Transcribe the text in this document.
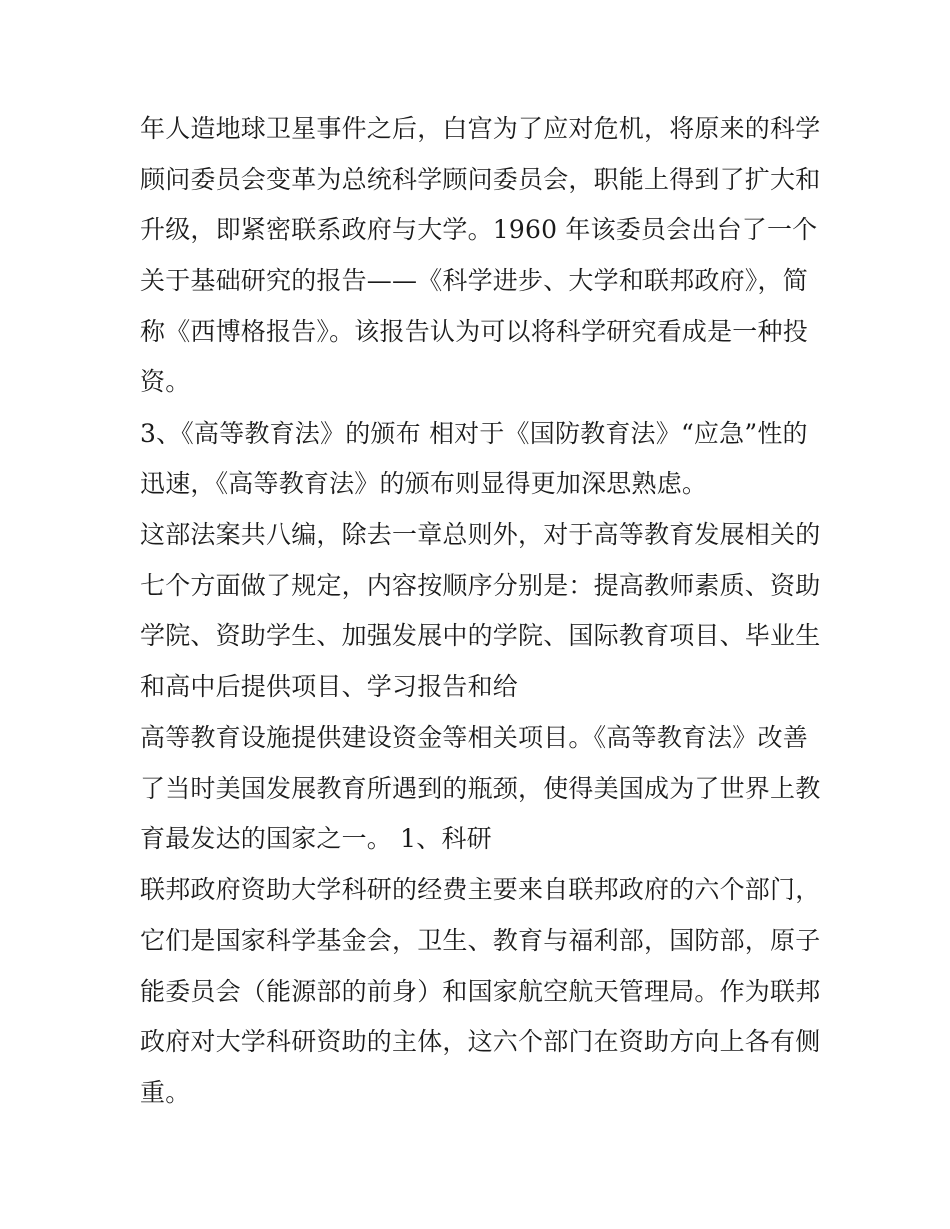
年人造地球卫星事件之后，白宫为了应对危机，将原来的科学
顾问委员会变革为总统科学顾问委员会，职能上得到了扩大和
升级，即紧密联系政府与大学。1960 年该委员会出台了一个
关于基础研究的报告——《科学进步、大学和联邦政府》，简
称《西博格报告》。该报告认为可以将科学研究看成是一种投
资。
3、《高等教育法》的颁布 相对于《国防教育法》“应急”性的
迅速，《高等教育法》的颁布则显得更加深思熟虑。
这部法案共八编，除去一章总则外，对于高等教育发展相关的
七个方面做了规定，内容按顺序分别是：提高教师素质、资助
学院、资助学生、加强发展中的学院、国际教育项目、毕业生
和高中后提供项目、学习报告和给
高等教育设施提供建设资金等相关项目。《高等教育法》改善
了当时美国发展教育所遇到的瓶颈，使得美国成为了世界上教
育最发达的国家之一。 1、科研
联邦政府资助大学科研的经费主要来自联邦政府的六个部门，
它们是国家科学基金会，卫生、教育与福利部，国防部，原子
能委员会（能源部的前身）和国家航空航天管理局。作为联邦
政府对大学科研资助的主体，这六个部门在资助方向上各有侧
重。
